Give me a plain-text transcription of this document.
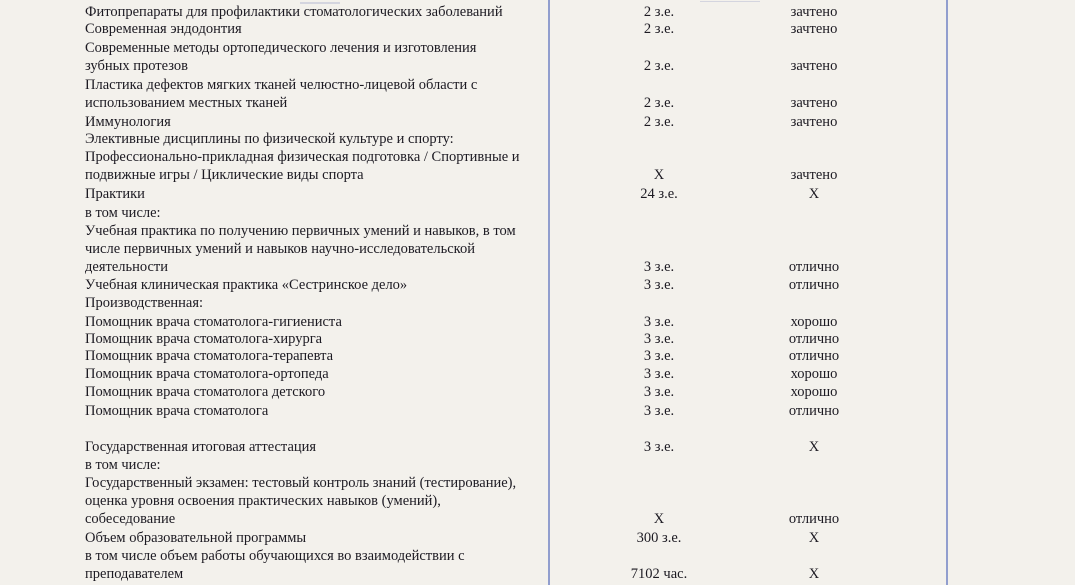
Фитопрепараты для профилактики стоматологических заболеваний	2 з.е.	зачтено
Современная эндодонтия	2 з.е.	зачтено
Современные методы ортопедического лечения и изготовления
зубных протезов	2 з.е.	зачтено
Пластика дефектов мягких тканей челюстно-лицевой области с
использованием местных тканей	2 з.е.	зачтено
Иммунология	2 з.е.	зачтено
Элективные дисциплины по физической культуре и спорту:
Профессионально-прикладная физическая подготовка / Спортивные и
подвижные игры / Циклические виды спорта	X	зачтено
Практики	24 з.е.	X
в том числе:
Учебная практика по получению первичных умений и навыков, в том
числе первичных умений и навыков научно-исследовательской
деятельности	3 з.е.	отлично
Учебная клиническая практика «Сестринское дело»	3 з.е.	отлично
Производственная:
Помощник врача стоматолога-гигиениста	3 з.е.	хорошо
Помощник врача стоматолога-хирурга	3 з.е.	отлично
Помощник врача стоматолога-терапевта	3 з.е.	отлично
Помощник врача стоматолога-ортопеда	3 з.е.	хорошо
Помощник врача стоматолога детского	3 з.е.	хорошо
Помощник врача стоматолога	3 з.е.	отлично
Государственная итоговая аттестация	3 з.е.	X
в том числе:
Государственный экзамен: тестовый контроль знаний (тестирование),
оценка уровня освоения практических навыков (умений),
собеседование	X	отлично
Объем образовательной программы	300 з.е.	X
в том числе объем работы обучающихся во взаимодействии с
преподавателем	7102 час.	X
